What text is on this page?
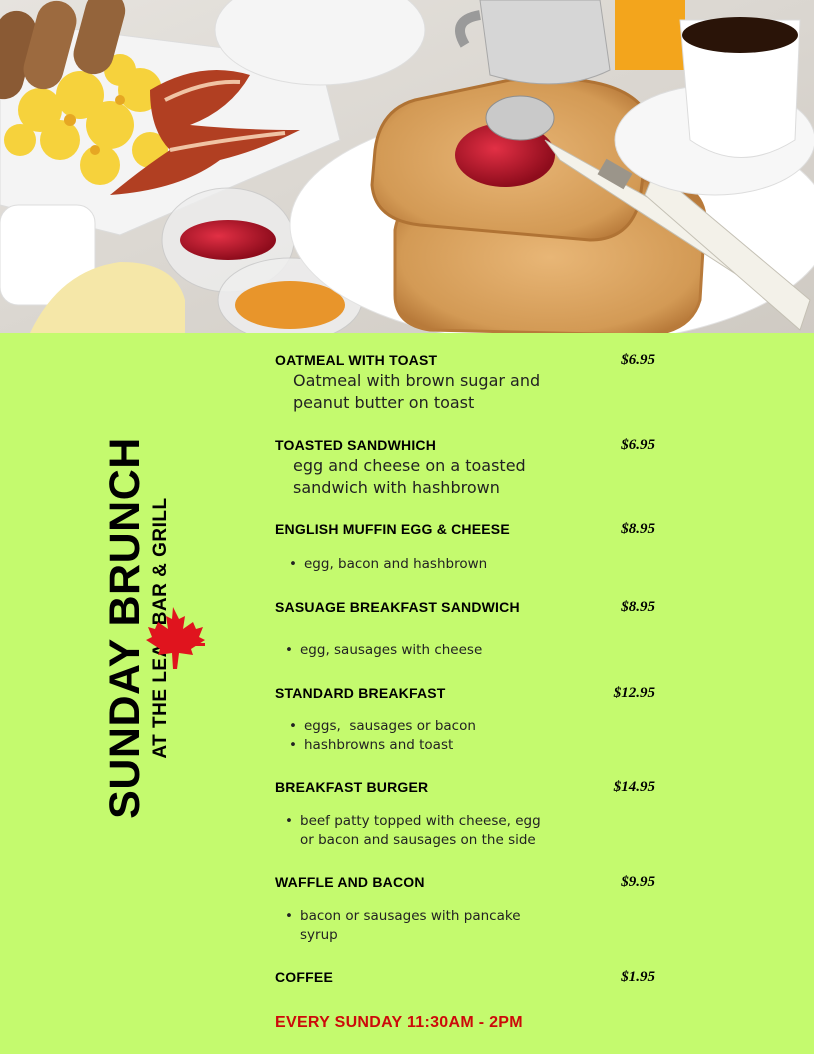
SUNDAY BRUNCH
OATMEAL WITH TOAST	$6.95
Oatmeal with brown sugar and
peanut butter on toast
TOASTED SANDWHICH	$6.95
egg and cheese on a toasted
sandwich with hashbrown
ENGLISH MUFFIN EGG & CHEESE	$8.95
• egg, bacon and hashbrown
SASUAGE BREAKFAST SANDWICH	$8.95
• egg, sausages with cheese
STANDARD BREAKFAST	$12.95
• eggs,  sausages or bacon
• hashbrowns and toast
BREAKFAST BURGER	$14.95
• beef patty topped with cheese, egg or bacon and sausages on the side
WAFFLE AND BACON	$9.95
• bacon or sausages with pancake syrup
COFFEE	$1.95
EVERY SUNDAY 11:30AM - 2PM
